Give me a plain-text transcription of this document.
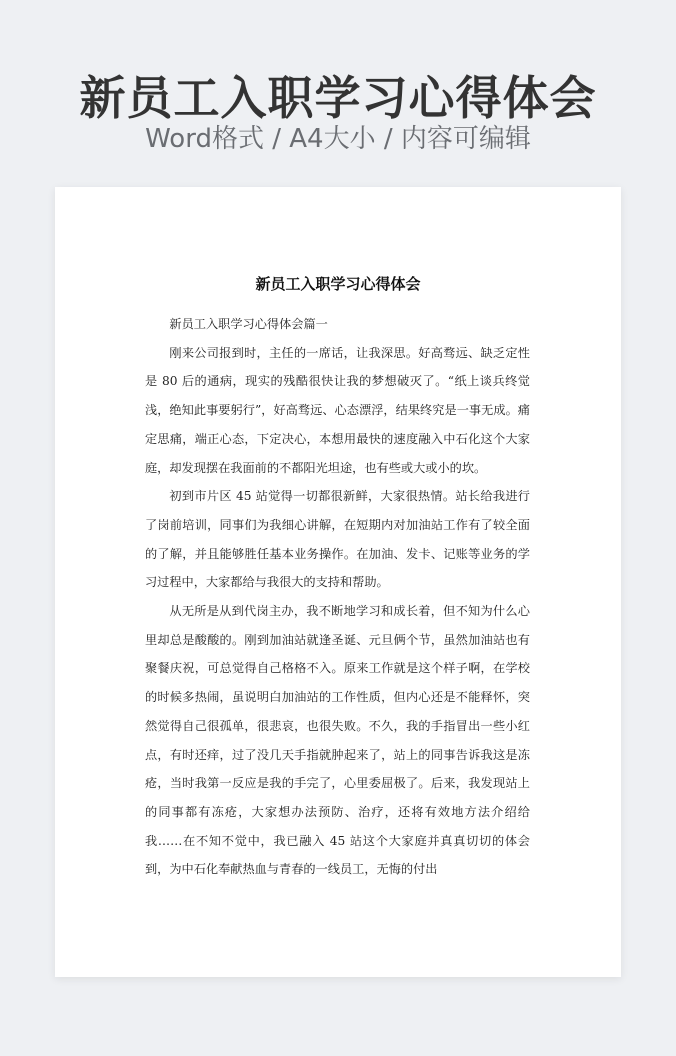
新员工入职学习心得体会
Word格式 / A4大小 / 内容可编辑
新员工入职学习心得体会

新员工入职学习心得体会篇一

刚来公司报到时，主任的一席话，让我深思。好高骛远、缺乏定性是 80 后的通病，现实的残酷很快让我的梦想破灭了。“纸上谈兵终觉浅，绝知此事要躬行”，好高骛远、心态漂浮，结果终究是一事无成。痛定思痛，端正心态，下定决心，本想用最快的速度融入中石化这个大家庭，却发现摆在我面前的不都阳光坦途，也有些或大或小的坎。

初到市片区 45 站觉得一切都很新鲜，大家很热情。站长给我进行了岗前培训，同事们为我细心讲解，在短期内对加油站工作有了较全面的了解，并且能够胜任基本业务操作。在加油、发卡、记账等业务的学习过程中，大家都给与我很大的支持和帮助。

从无所是从到代岗主办，我不断地学习和成长着，但不知为什么心里却总是酸酸的。刚到加油站就逢圣诞、元旦俩个节，虽然加油站也有聚餐庆祝，可总觉得自己格格不入。原来工作就是这个样子啊，在学校的时候多热闹，虽说明白加油站的工作性质，但内心还是不能释怀，突然觉得自己很孤单，很悲哀，也很失败。不久，我的手指冒出一些小红点，有时还痒，过了没几天手指就肿起来了，站上的同事告诉我这是冻疮，当时我第一反应是我的手完了，心里委屈极了。后来，我发现站上的同事都有冻疮，大家想办法预防、治疗，还将有效地方法介绍给我……在不知不觉中，我已融入 45 站这个大家庭并真真切切的体会到，为中石化奉献热血与青春的一线员工，无悔的付出
